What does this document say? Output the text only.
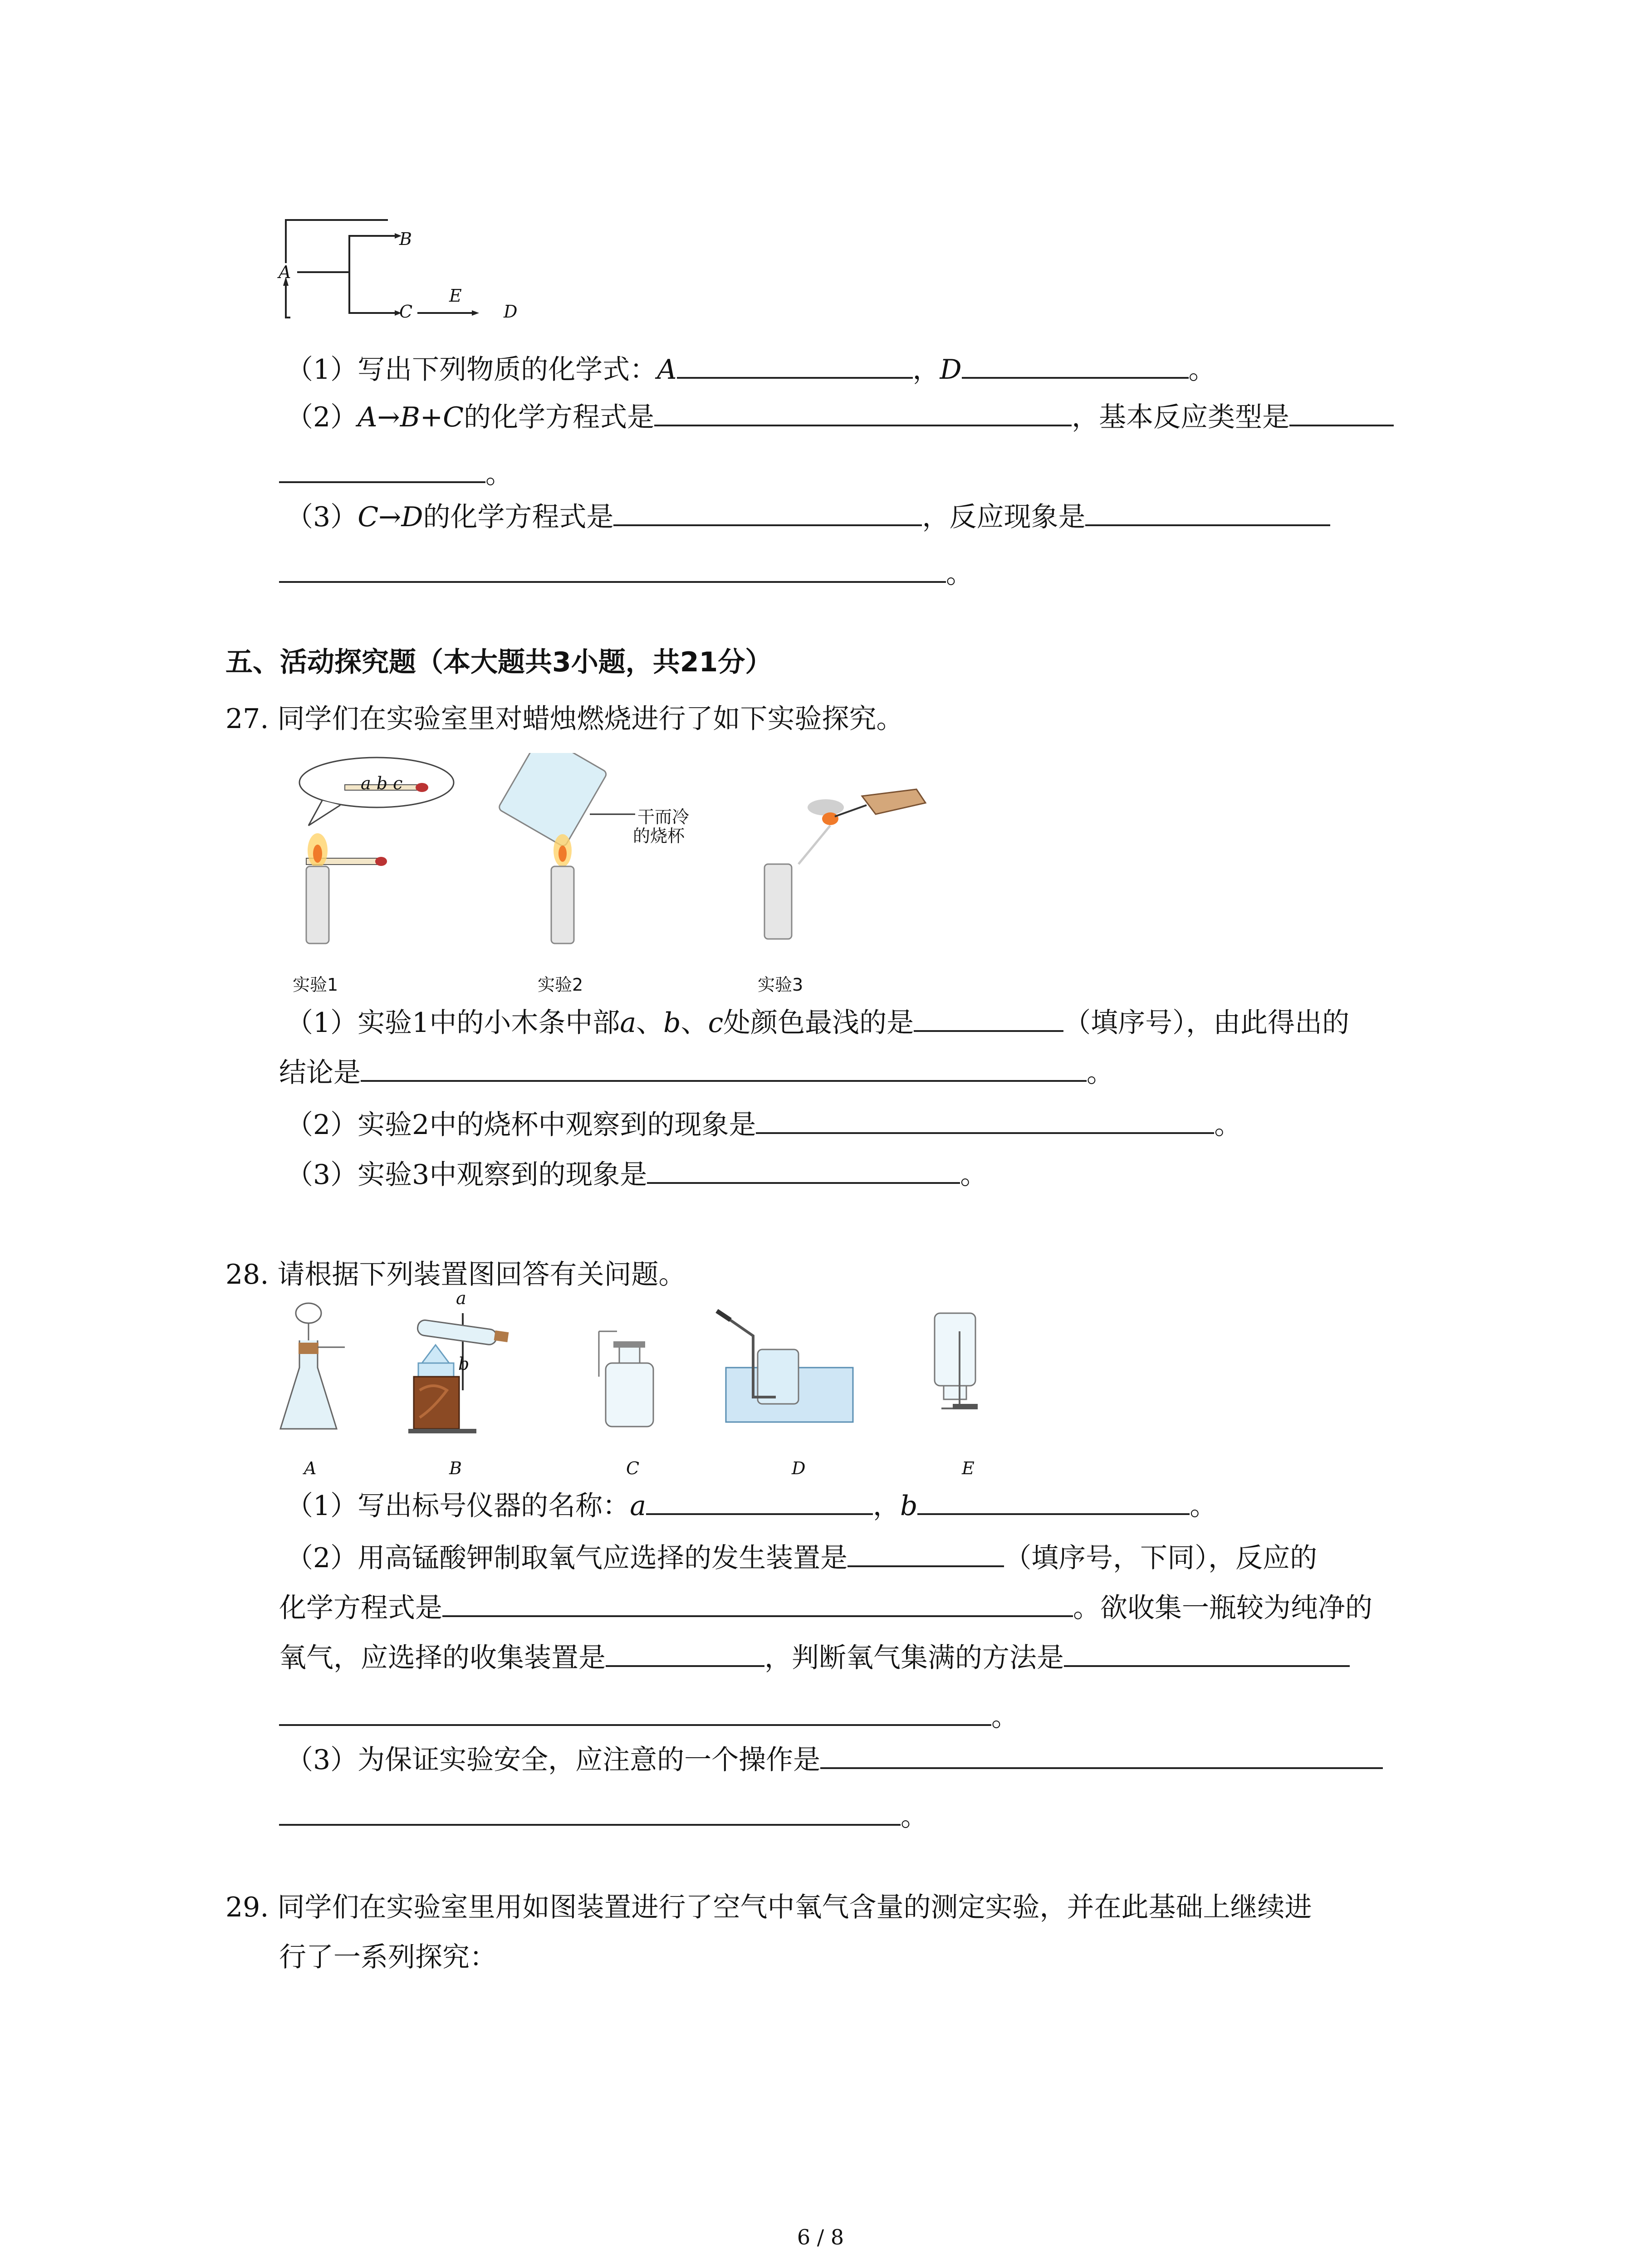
A
B
C
E
D
（1）写出下列物质的化学式：A	，D	。
（2）A→B+C的化学方程式是	，基本反应类型是
。
（3）C→D的化学方程式是	，反应现象是
。
五、活动探究题（本大题共3小题，共21分）
27. 同学们在实验室里对蜡烛燃烧进行了如下实验探究。
a b c
干而冷
的烧杯
实验1	实验2	实验3
（1）实验1中的小木条中部a、b、c处颜色最浅的是	（填序号），由此得出的
结论是	。
（2）实验2中的烧杯中观察到的现象是	。
（3）实验3中观察到的现象是	。
28. 请根据下列装置图回答有关问题。
a
b
A	B	C	D	E
（1）写出标号仪器的名称：a	，b	。
（2）用高锰酸钾制取氧气应选择的发生装置是	（填序号，下同），反应的
化学方程式是	。欲收集一瓶较为纯净的
氧气，应选择的收集装置是	，判断氧气集满的方法是
。
（3）为保证实验安全，应注意的一个操作是
。
29. 同学们在实验室里用如图装置进行了空气中氧气含量的测定实验，并在此基础上继续进
行了一系列探究：
6 / 8
